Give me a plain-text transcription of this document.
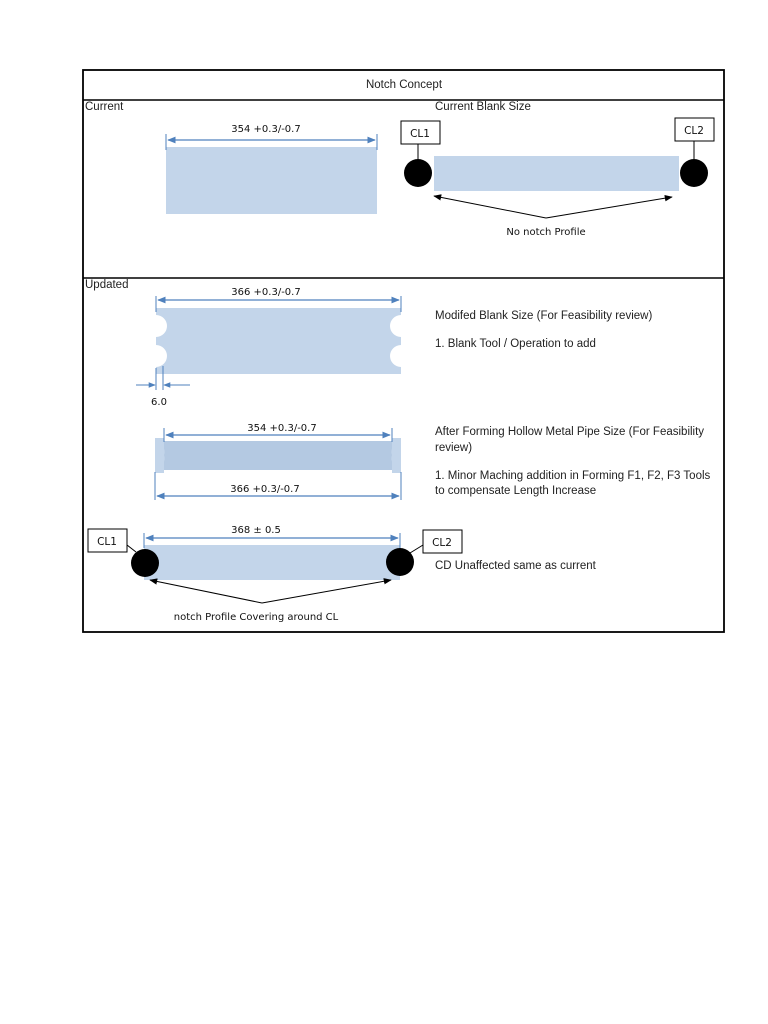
Notch Concept
Current	Current Blank Size
354 +0.3/-0.7	CL1	CL2
No notch Profile
Updated
366 +0.3/-0.7
6.0
Modifed Blank Size (For Feasibility review)
1. Blank Tool / Operation to add
354 +0.3/-0.7
366 +0.3/-0.7
After Forming Hollow Metal Pipe Size (For Feasibility
review)
1. Minor Maching addition in Forming F1, F2, F3 Tools
to compensate Length Increase
368 ± 0.5
CL1	CL2
CD Unaffected same as current
notch Profile Covering around CL
